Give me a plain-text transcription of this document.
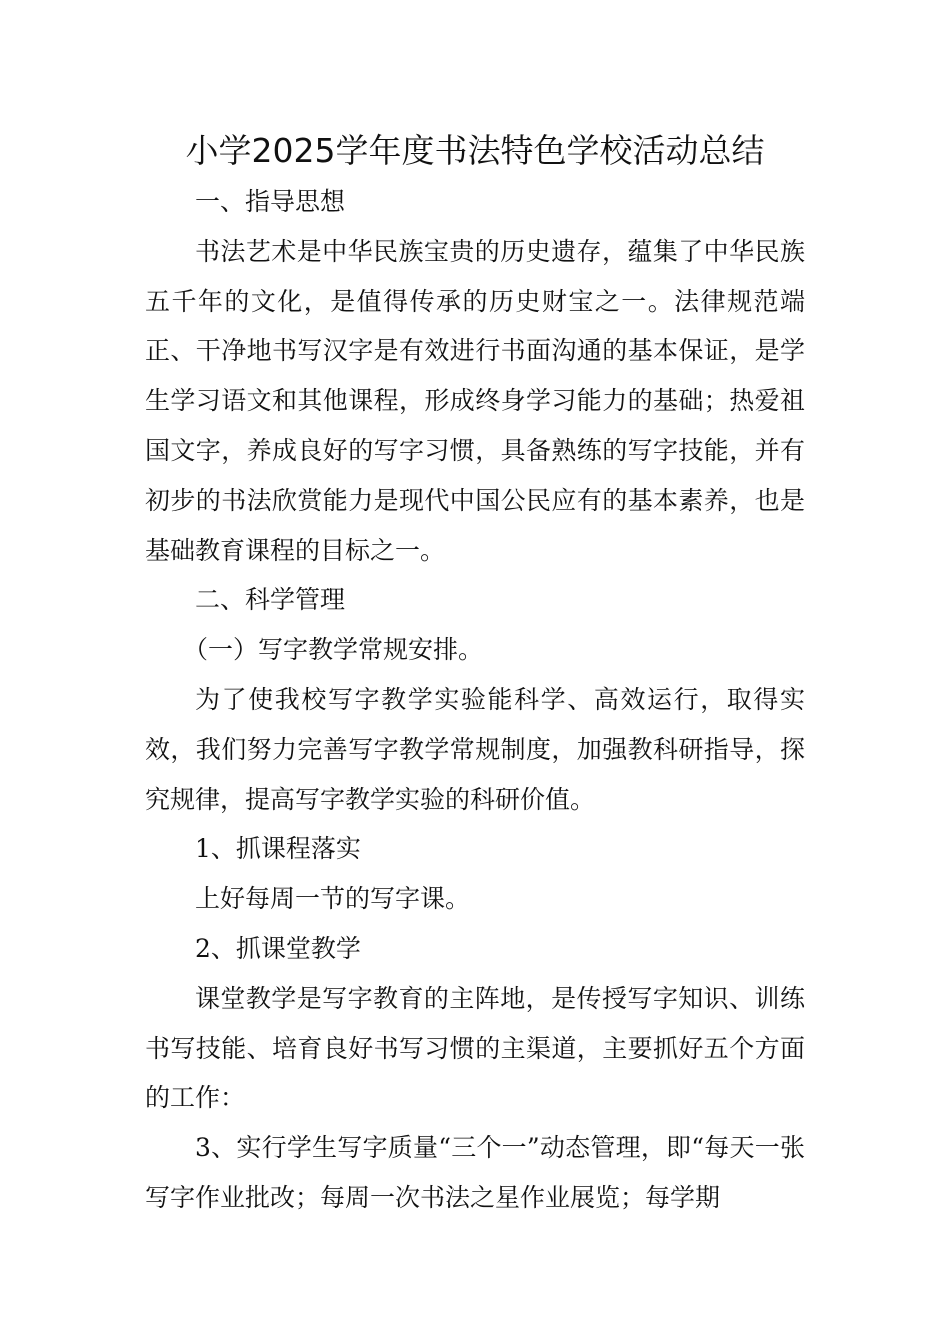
小学2025学年度书法特色学校活动总结

一、指导思想

书法艺术是中华民族宝贵的历史遗存，蕴集了中华民族五千年的文化，是值得传承的历史财宝之一。法律规范端正、干净地书写汉字是有效进行书面沟通的基本保证，是学生学习语文和其他课程，形成终身学习能力的基础；热爱祖国文字，养成良好的写字习惯，具备熟练的写字技能，并有初步的书法欣赏能力是现代中国公民应有的基本素养，也是基础教育课程的目标之一。

二、科学管理

（一）写字教学常规安排。

为了使我校写字教学实验能科学、高效运行，取得实效，我们努力完善写字教学常规制度，加强教科研指导，探究规律，提高写字教学实验的科研价值。

1、抓课程落实

上好每周一节的写字课。

2、抓课堂教学

课堂教学是写字教育的主阵地，是传授写字知识、训练书写技能、培育良好书写习惯的主渠道，主要抓好五个方面的工作：

3、实行学生写字质量“三个一”动态管理，即“每天一张写字作业批改；每周一次书法之星作业展览；每学期
